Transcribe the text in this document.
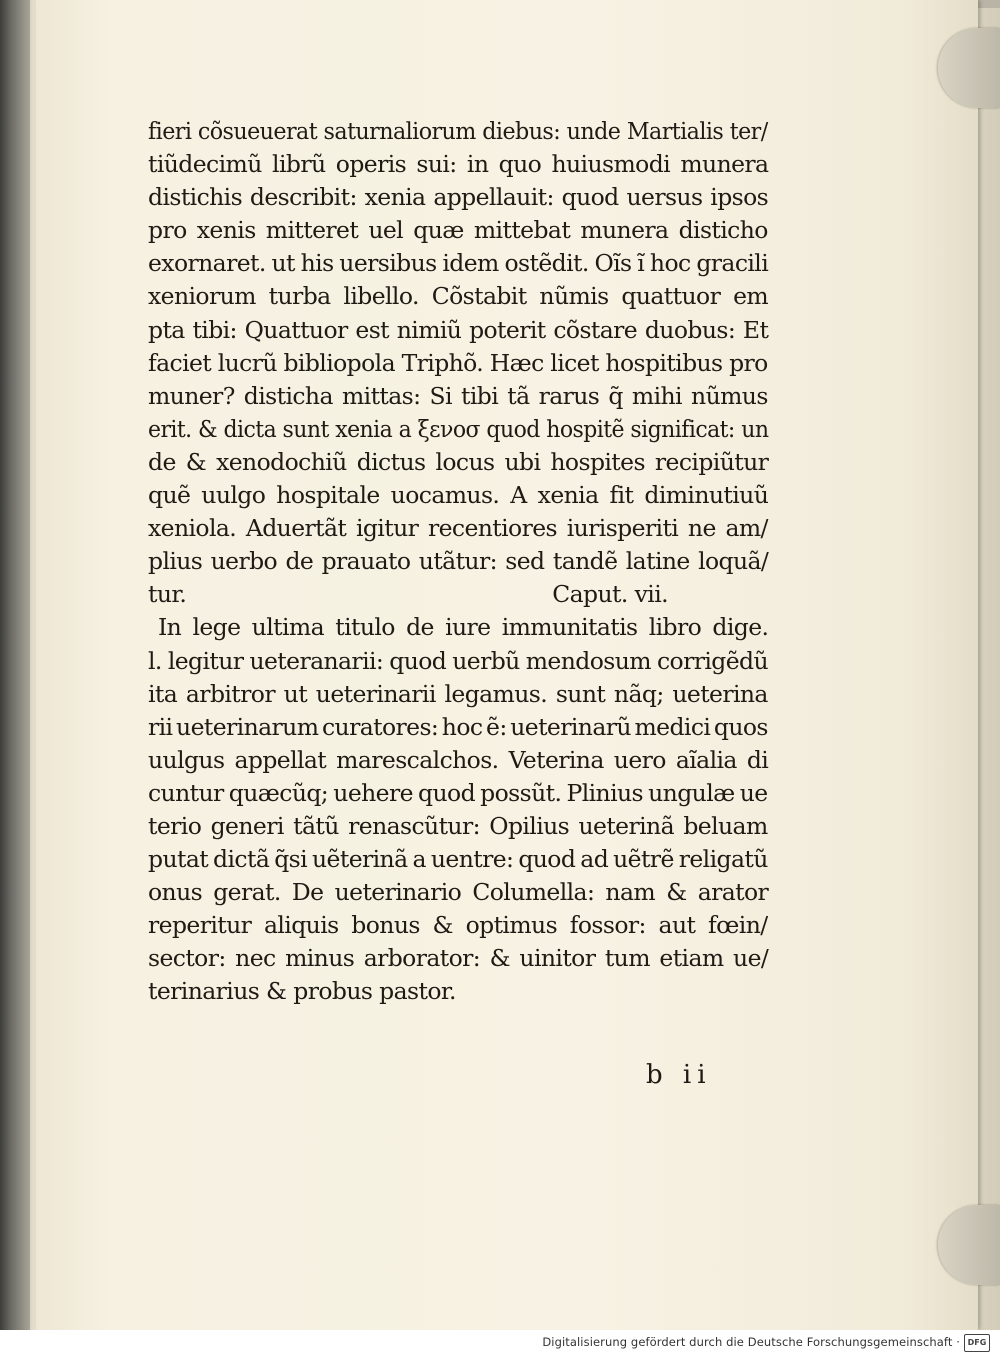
fieri cõsueuerat saturnaliorum diebus: unde Martialis ter/
tiũdecimũ librũ operis sui: in quo huiusmodi munera
distichis describit: xenia appellauit: quod uersus ipsos
pro xenis mitteret uel quæ mittebat munera disticho
exornaret. ut his uersibus idem ostẽdit. Oĩs ĩ hoc gracili
xeniorum turba libello. Cõstabit nũmis quattuor em
pta tibi: Quattuor est nimiũ poterit cõstare duobus: Et
faciet lucrũ bibliopola Triphõ. Hæc licet hospitibus pro
muner? disticha mittas: Si tibi tã rarus q̃ mihi nũmus
erit. & dicta sunt xenia a ξενοσ quod hospitẽ significat: un
de & xenodochiũ dictus locus ubi hospites recipiũtur
quẽ uulgo hospitale uocamus. A xenia fit diminutiuũ
xeniola. Aduertãt igitur recentiores iurisperiti ne am/
plius uerbo de prauato utãtur: sed tandẽ latine loquã/
tur.	Caput. vii.
In lege ultima titulo de iure immunitatis libro dige.
l. legitur ueteranarii: quod uerbũ mendosum corrigẽdũ
ita arbitror ut ueterinarii legamus. sunt nãq; ueterina
rii ueterinarum curatores: hoc ẽ: ueterinarũ medici quos
uulgus appellat marescalchos. Veterina uero aĩalia di
cuntur quæcũq; uehere quod possũt. Plinius ungulæ ue
terio generi tãtũ renascũtur: Opilius ueterinã beluam
putat dictã q̃si uẽterinã a uentre: quod ad uẽtrẽ religatũ
onus gerat. De ueterinario Columella: nam & arator
reperitur aliquis bonus & optimus fossor: aut fœin/
sector: nec minus arborator: & uinitor tum etiam ue/
terinarius & probus pastor.
b ii
Digitalisierung gefördert durch die Deutsche Forschungsgemeinschaft · DFG
